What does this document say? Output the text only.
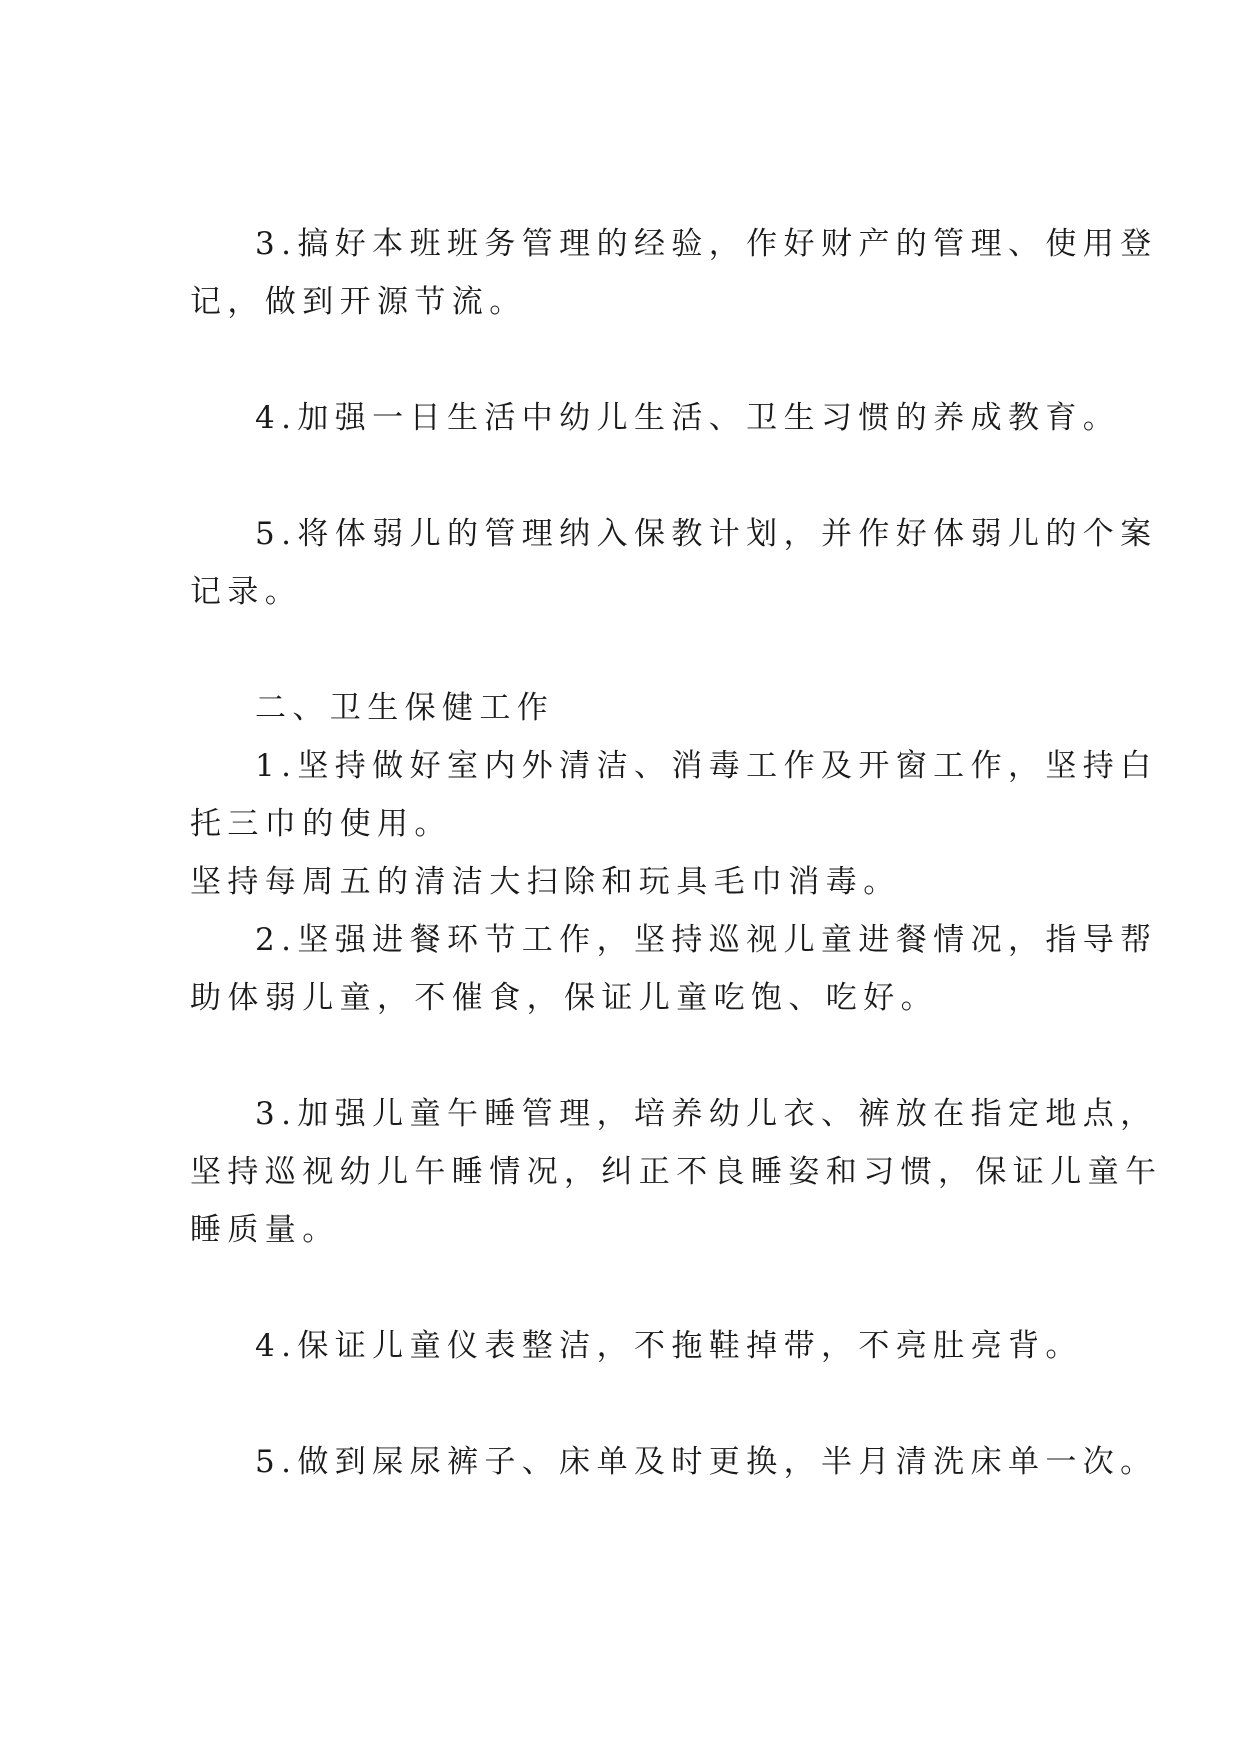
3.搞好本班班务管理的经验，作好财产的管理、使用登
记，做到开源节流。
4.加强一日生活中幼儿生活、卫生习惯的养成教育。
5.将体弱儿的管理纳入保教计划，并作好体弱儿的个案
记录。
二、卫生保健工作
1.坚持做好室内外清洁、消毒工作及开窗工作，坚持白
托三巾的使用。
坚持每周五的清洁大扫除和玩具毛巾消毒。
2.坚强进餐环节工作，坚持巡视儿童进餐情况，指导帮
助体弱儿童，不催食，保证儿童吃饱、吃好。
3.加强儿童午睡管理，培养幼儿衣、裤放在指定地点，
坚持巡视幼儿午睡情况，纠正不良睡姿和习惯，保证儿童午
睡质量。
4.保证儿童仪表整洁，不拖鞋掉带，不亮肚亮背。
5.做到屎尿裤子、床单及时更换，半月清洗床单一次。
